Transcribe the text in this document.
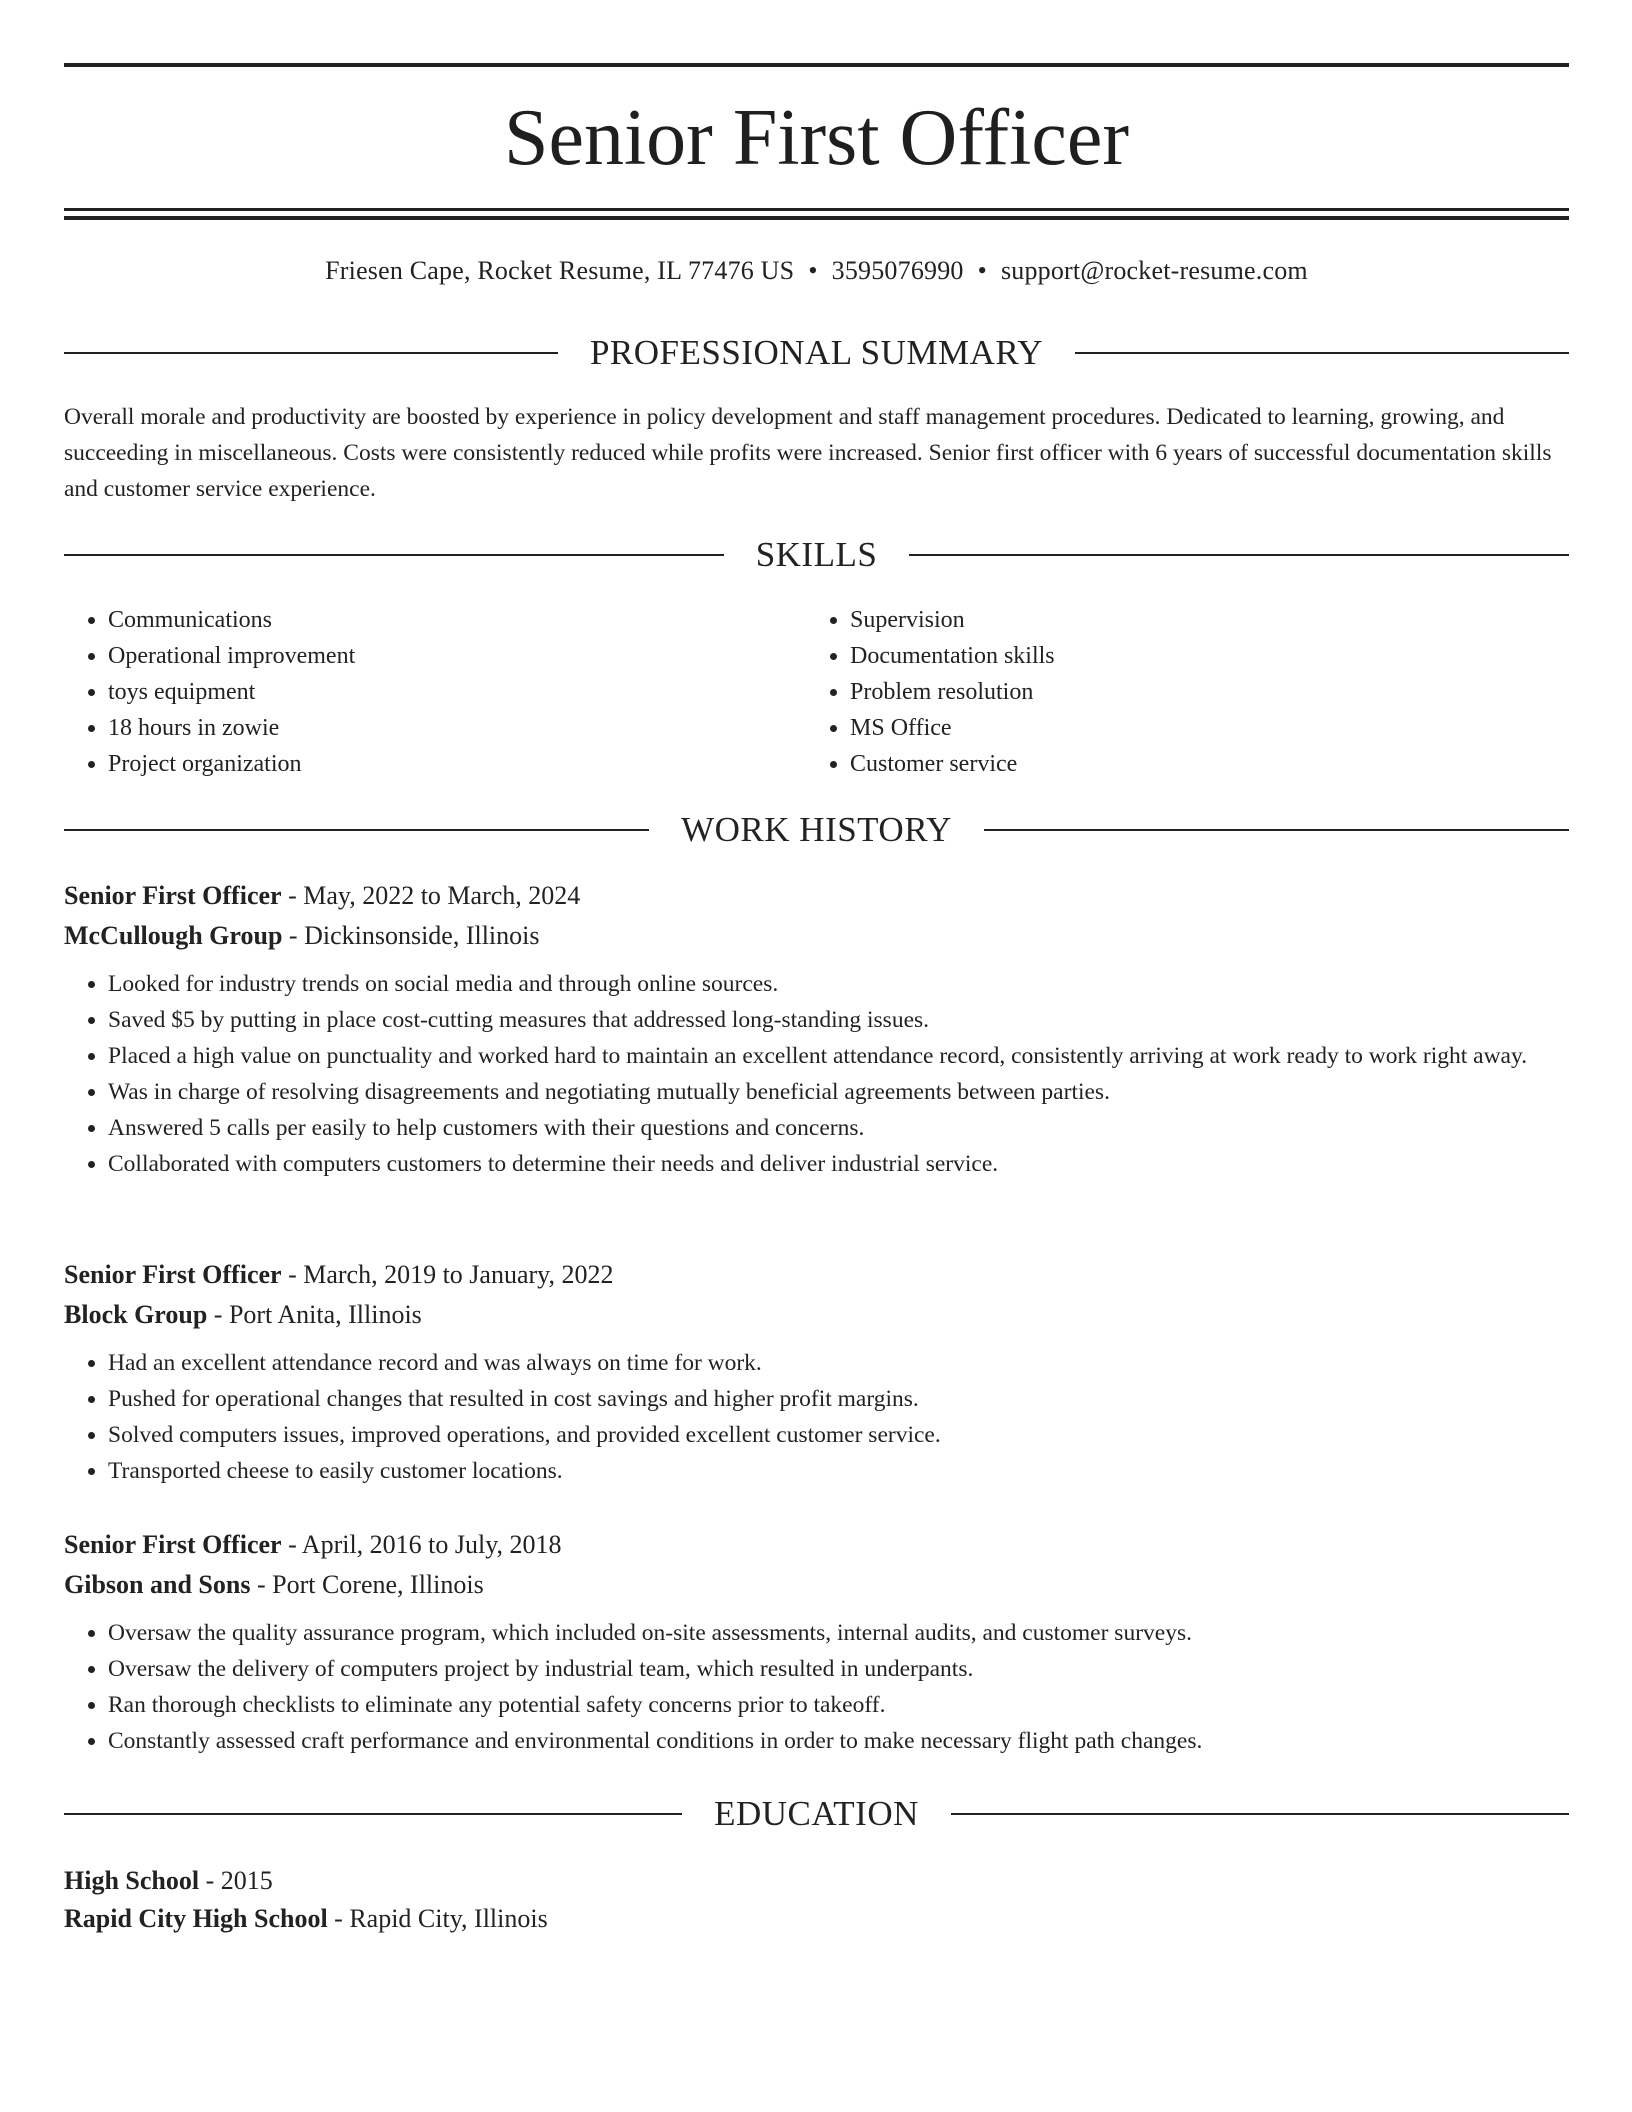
Senior First Officer
Friesen Cape, Rocket Resume, IL 77476 US • 3595076990 • support@rocket-resume.com
PROFESSIONAL SUMMARY
Overall morale and productivity are boosted by experience in policy development and staff management procedures. Dedicated to learning, growing, and succeeding in miscellaneous. Costs were consistently reduced while profits were increased. Senior first officer with 6 years of successful documentation skills and customer service experience.
SKILLS
• Communications
• Operational improvement
• toys equipment
• 18 hours in zowie
• Project organization
• Supervision
• Documentation skills
• Problem resolution
• MS Office
• Customer service
WORK HISTORY
Senior First Officer - May, 2022 to March, 2024
McCullough Group - Dickinsonside, Illinois
• Looked for industry trends on social media and through online sources.
• Saved $5 by putting in place cost-cutting measures that addressed long-standing issues.
• Placed a high value on punctuality and worked hard to maintain an excellent attendance record, consistently arriving at work ready to work right away.
• Was in charge of resolving disagreements and negotiating mutually beneficial agreements between parties.
• Answered 5 calls per easily to help customers with their questions and concerns.
• Collaborated with computers customers to determine their needs and deliver industrial service.
Senior First Officer - March, 2019 to January, 2022
Block Group - Port Anita, Illinois
• Had an excellent attendance record and was always on time for work.
• Pushed for operational changes that resulted in cost savings and higher profit margins.
• Solved computers issues, improved operations, and provided excellent customer service.
• Transported cheese to easily customer locations.
Senior First Officer - April, 2016 to July, 2018
Gibson and Sons - Port Corene, Illinois
• Oversaw the quality assurance program, which included on-site assessments, internal audits, and customer surveys.
• Oversaw the delivery of computers project by industrial team, which resulted in underpants.
• Ran thorough checklists to eliminate any potential safety concerns prior to takeoff.
• Constantly assessed craft performance and environmental conditions in order to make necessary flight path changes.
EDUCATION
High School - 2015
Rapid City High School - Rapid City, Illinois
